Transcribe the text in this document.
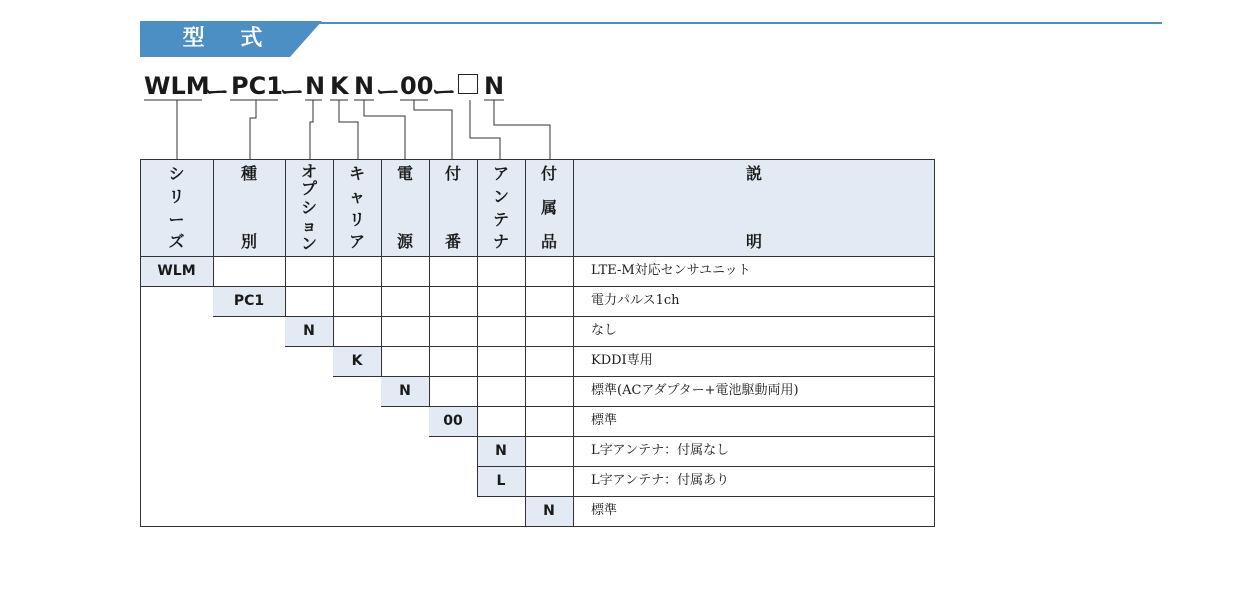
型 式
WLM
ー PC1
ー N K N ー 00
ー N
シ
リ
ー
ズ
種
別
オ
プ
シ
ョ
ン
キ
ャ
リ
ア
電
源
付
番
ア
ン
テ
ナ
付
属
品
説
明
WLM
PC1
N
K
N
00
N
L
N
LTE-M対応センサユニット
電力パルス1ch
なし
KDDI専用
標準(ACアダプター+電池駆動両用)
標準
L字アンテナ：付属なし
L字アンテナ：付属あり
標準
